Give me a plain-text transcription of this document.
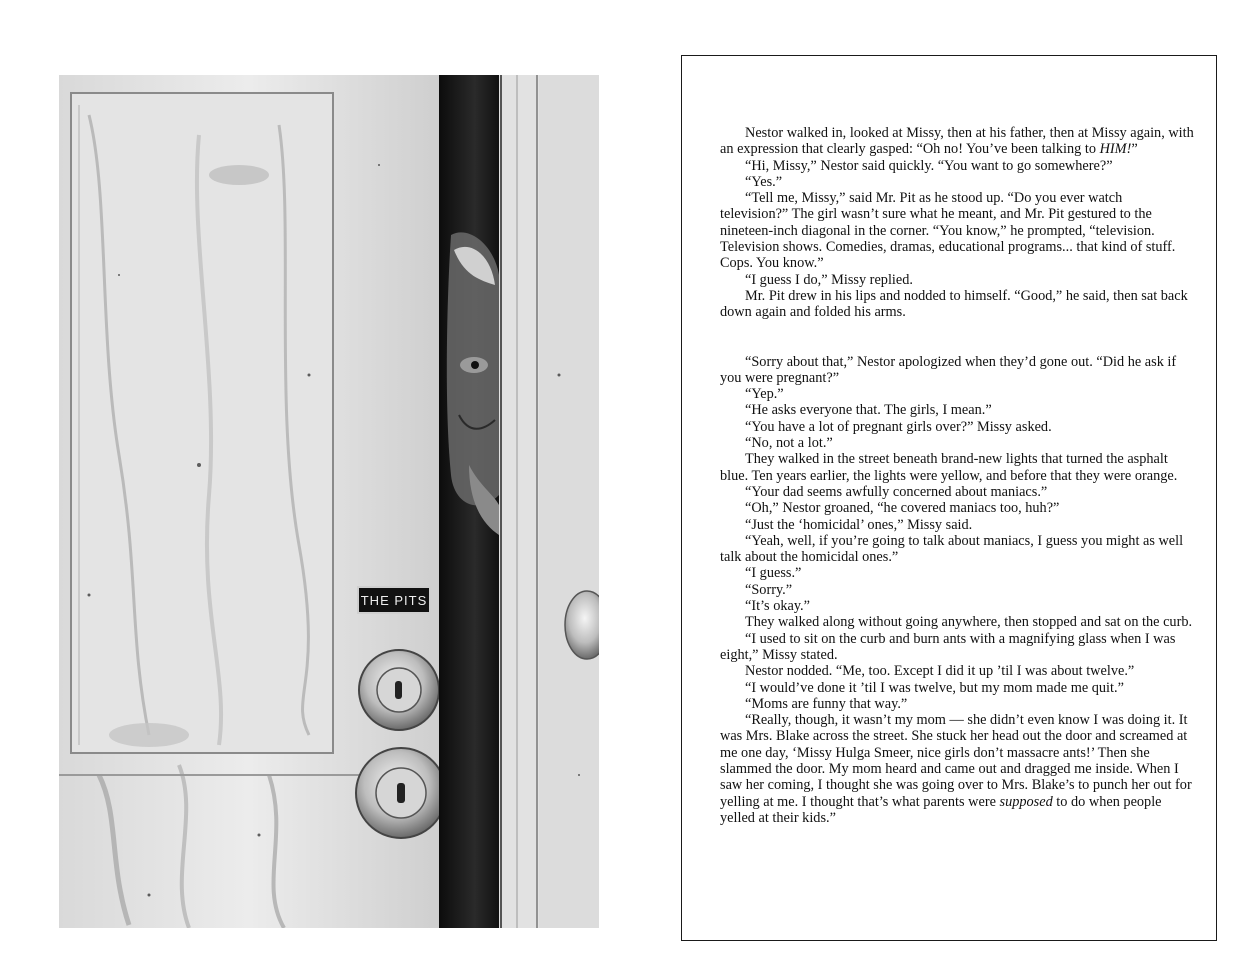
THE PITS

Nestor walked in, looked at Missy, then at his father, then at Missy again, with an expression that clearly gasped: “Oh no! You’ve been talking to HIM!”

“Hi, Missy,” Nestor said quickly. “You want to go somewhere?”

“Yes.”

“Tell me, Missy,” said Mr. Pit as he stood up. “Do you ever watch television?” The girl wasn’t sure what he meant, and Mr. Pit gestured to the nineteen-inch diagonal in the corner. “You know,” he prompted, “television. Television shows. Comedies, dramas, educational programs... that kind of stuff. Cops. You know.”

“I guess I do,” Missy replied.

Mr. Pit drew in his lips and nodded to himself. “Good,” he said, then sat back down again and folded his arms.

“Sorry about that,” Nestor apologized when they’d gone out. “Did he ask if you were pregnant?”

“Yep.”

“He asks everyone that. The girls, I mean.”

“You have a lot of pregnant girls over?” Missy asked.

“No, not a lot.”

They walked in the street beneath brand-new lights that turned the asphalt blue. Ten years earlier, the lights were yellow, and before that they were orange.

“Your dad seems awfully concerned about maniacs.”

“Oh,” Nestor groaned, “he covered maniacs too, huh?”

“Just the ‘homicidal’ ones,” Missy said.

“Yeah, well, if you’re going to talk about maniacs, I guess you might as well talk about the homicidal ones.”

“I guess.”

“Sorry.”

“It’s okay.”

They walked along without going anywhere, then stopped and sat on the curb.

“I used to sit on the curb and burn ants with a magnifying glass when I was eight,” Missy stated.

Nestor nodded. “Me, too. Except I did it up ’til I was about twelve.”

“I would’ve done it ’til I was twelve, but my mom made me quit.”

“Moms are funny that way.”

“Really, though, it wasn’t my mom — she didn’t even know I was doing it. It was Mrs. Blake across the street. She stuck her head out the door and screamed at me one day, ‘Missy Hulga Smeer, nice girls don’t massacre ants!’ Then she slammed the door. My mom heard and came out and dragged me inside. When I saw her coming, I thought she was going over to Mrs. Blake’s to punch her out for yelling at me. I thought that’s what parents were supposed to do when people yelled at their kids.”
